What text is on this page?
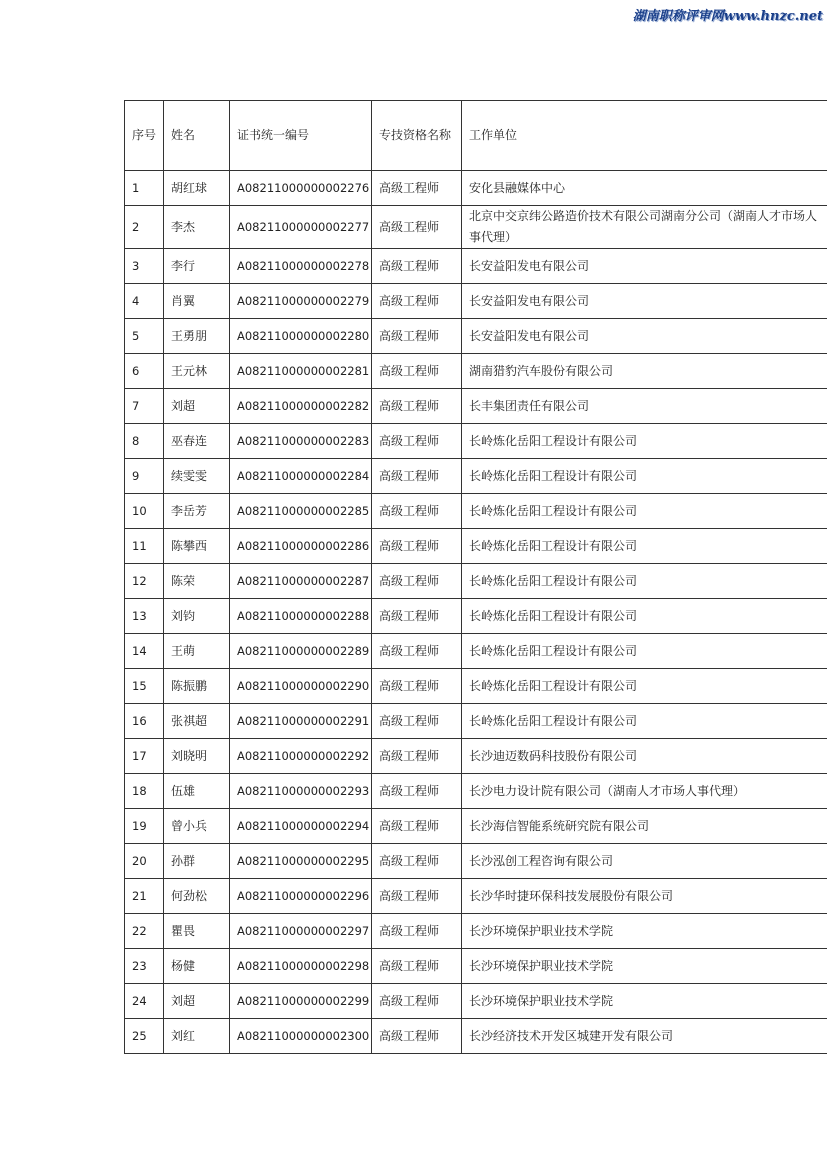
湖南职称评审网www.hnzc.net
序号	姓名	证书统一编号	专技资格名称	工作单位
1	胡红球	A08211000000002276	高级工程师	安化县融媒体中心
2	李杰	A08211000000002277	高级工程师	北京中交京纬公路造价技术有限公司湖南分公司（湖南人才市场人事代理）
3	李行	A08211000000002278	高级工程师	长安益阳发电有限公司
4	肖翼	A08211000000002279	高级工程师	长安益阳发电有限公司
5	王勇朋	A08211000000002280	高级工程师	长安益阳发电有限公司
6	王元林	A08211000000002281	高级工程师	湖南猎豹汽车股份有限公司
7	刘超	A08211000000002282	高级工程师	长丰集团责任有限公司
8	巫春连	A08211000000002283	高级工程师	长岭炼化岳阳工程设计有限公司
9	续雯雯	A08211000000002284	高级工程师	长岭炼化岳阳工程设计有限公司
10	李岳芳	A08211000000002285	高级工程师	长岭炼化岳阳工程设计有限公司
11	陈攀西	A08211000000002286	高级工程师	长岭炼化岳阳工程设计有限公司
12	陈荣	A08211000000002287	高级工程师	长岭炼化岳阳工程设计有限公司
13	刘钧	A08211000000002288	高级工程师	长岭炼化岳阳工程设计有限公司
14	王萌	A08211000000002289	高级工程师	长岭炼化岳阳工程设计有限公司
15	陈振鹏	A08211000000002290	高级工程师	长岭炼化岳阳工程设计有限公司
16	张祺超	A08211000000002291	高级工程师	长岭炼化岳阳工程设计有限公司
17	刘晓明	A08211000000002292	高级工程师	长沙迪迈数码科技股份有限公司
18	伍雄	A08211000000002293	高级工程师	长沙电力设计院有限公司（湖南人才市场人事代理）
19	曾小兵	A08211000000002294	高级工程师	长沙海信智能系统研究院有限公司
20	孙群	A08211000000002295	高级工程师	长沙泓创工程咨询有限公司
21	何劲松	A08211000000002296	高级工程师	长沙华时捷环保科技发展股份有限公司
22	瞿畏	A08211000000002297	高级工程师	长沙环境保护职业技术学院
23	杨健	A08211000000002298	高级工程师	长沙环境保护职业技术学院
24	刘超	A08211000000002299	高级工程师	长沙环境保护职业技术学院
25	刘红	A08211000000002300	高级工程师	长沙经济技术开发区城建开发有限公司
